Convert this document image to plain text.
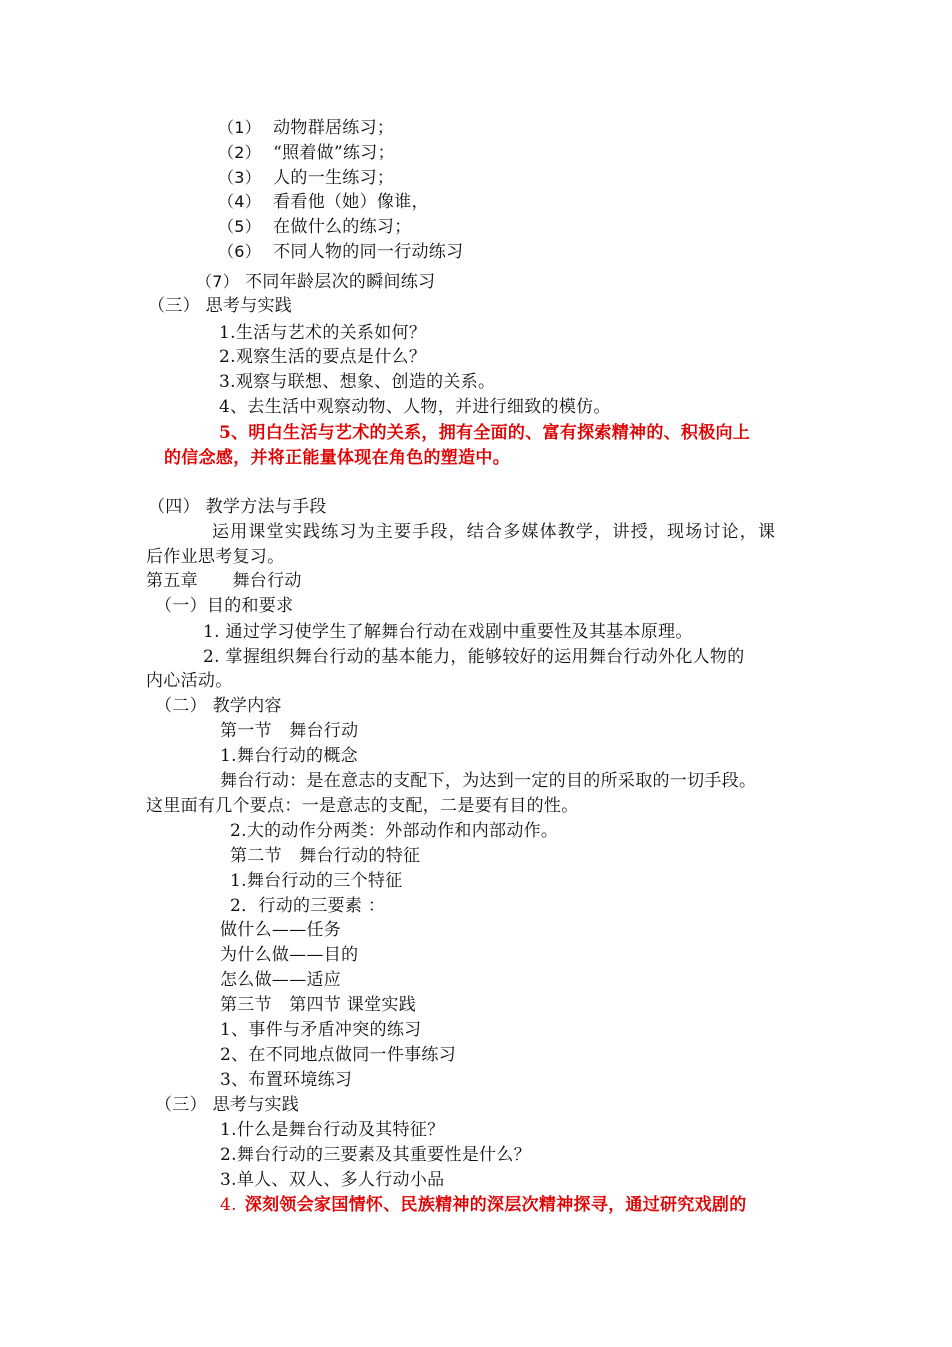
（1） 动物群居练习；
（2） “照着做”练习；
（3） 人的一生练习；
（4） 看看他（她）像谁，
（5） 在做什么的练习；
（6） 不同人物的同一行动练习
（7） 不同年龄层次的瞬间练习
（三） 思考与实践
1.生活与艺术的关系如何？
2.观察生活的要点是什么？
3.观察与联想、想象、创造的关系。
4、去生活中观察动物、人物，并进行细致的模仿。
5、明白生活与艺术的关系，拥有全面的、富有探索精神的、积极向上
的信念感，并将正能量体现在角色的塑造中。
（四） 教学方法与手段
运用课堂实践练习为主要手段，结合多媒体教学，讲授，现场讨论，课
后作业思考复习。
第五章　　舞台行动
（一）目的和要求
1. 通过学习使学生了解舞台行动在戏剧中重要性及其基本原理。
2. 掌握组织舞台行动的基本能力，能够较好的运用舞台行动外化人物的
内心活动。
（二） 教学内容
第一节　舞台行动
1.舞台行动的概念
舞台行动：是在意志的支配下，为达到一定的目的所采取的一切手段。
这里面有几个要点：一是意志的支配，二是要有目的性。
2.大的动作分两类：外部动作和内部动作。
第二节　舞台行动的特征
1.舞台行动的三个特征
2．行动的三要素 ：
做什么——任务
为什么做——目的
怎么做——适应
第三节　第四节 课堂实践
1、事件与矛盾冲突的练习
2、在不同地点做同一件事练习
3、布置环境练习
（三） 思考与实践
1.什么是舞台行动及其特征？
2.舞台行动的三要素及其重要性是什么？
3.单人、双人、多人行动小品
4. 深刻领会家国情怀、民族精神的深层次精神探寻，通过研究戏剧的
